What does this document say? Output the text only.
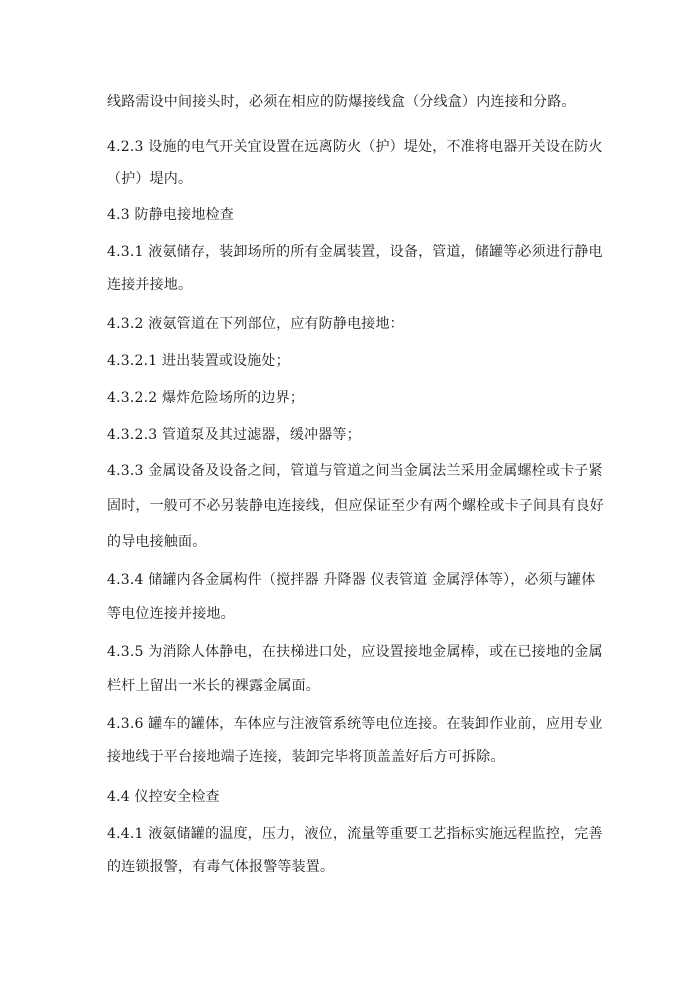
线路需设中间接头时，必须在相应的防爆接线盒（分线盒）内连接和分路。
4.2.3 设施的电气开关宜设置在远离防火（护）堤处，不准将电器开关设在防火
（护）堤内。
4.3 防静电接地检查
4.3.1 液氨储存，装卸场所的所有金属装置，设备，管道，储罐等必须进行静电
连接并接地。
4.3.2 液氨管道在下列部位，应有防静电接地：
4.3.2.1 进出装置或设施处；
4.3.2.2 爆炸危险场所的边界；
4.3.2.3 管道泵及其过滤器，缓冲器等；
4.3.3 金属设备及设备之间，管道与管道之间当金属法兰采用金属螺栓或卡子紧
固时，一般可不必另装静电连接线，但应保证至少有两个螺栓或卡子间具有良好
的导电接触面。
4.3.4 储罐内各金属构件（搅拌器 升降器 仪表管道 金属浮体等），必须与罐体
等电位连接并接地。
4.3.5 为消除人体静电，在扶梯进口处，应设置接地金属棒，或在已接地的金属
栏杆上留出一米长的裸露金属面。
4.3.6 罐车的罐体，车体应与注液管系统等电位连接。在装卸作业前，应用专业
接地线于平台接地端子连接，装卸完毕将顶盖盖好后方可拆除。
4.4 仪控安全检查
4.4.1 液氨储罐的温度，压力，液位，流量等重要工艺指标实施远程监控，完善
的连锁报警，有毒气体报警等装置。
